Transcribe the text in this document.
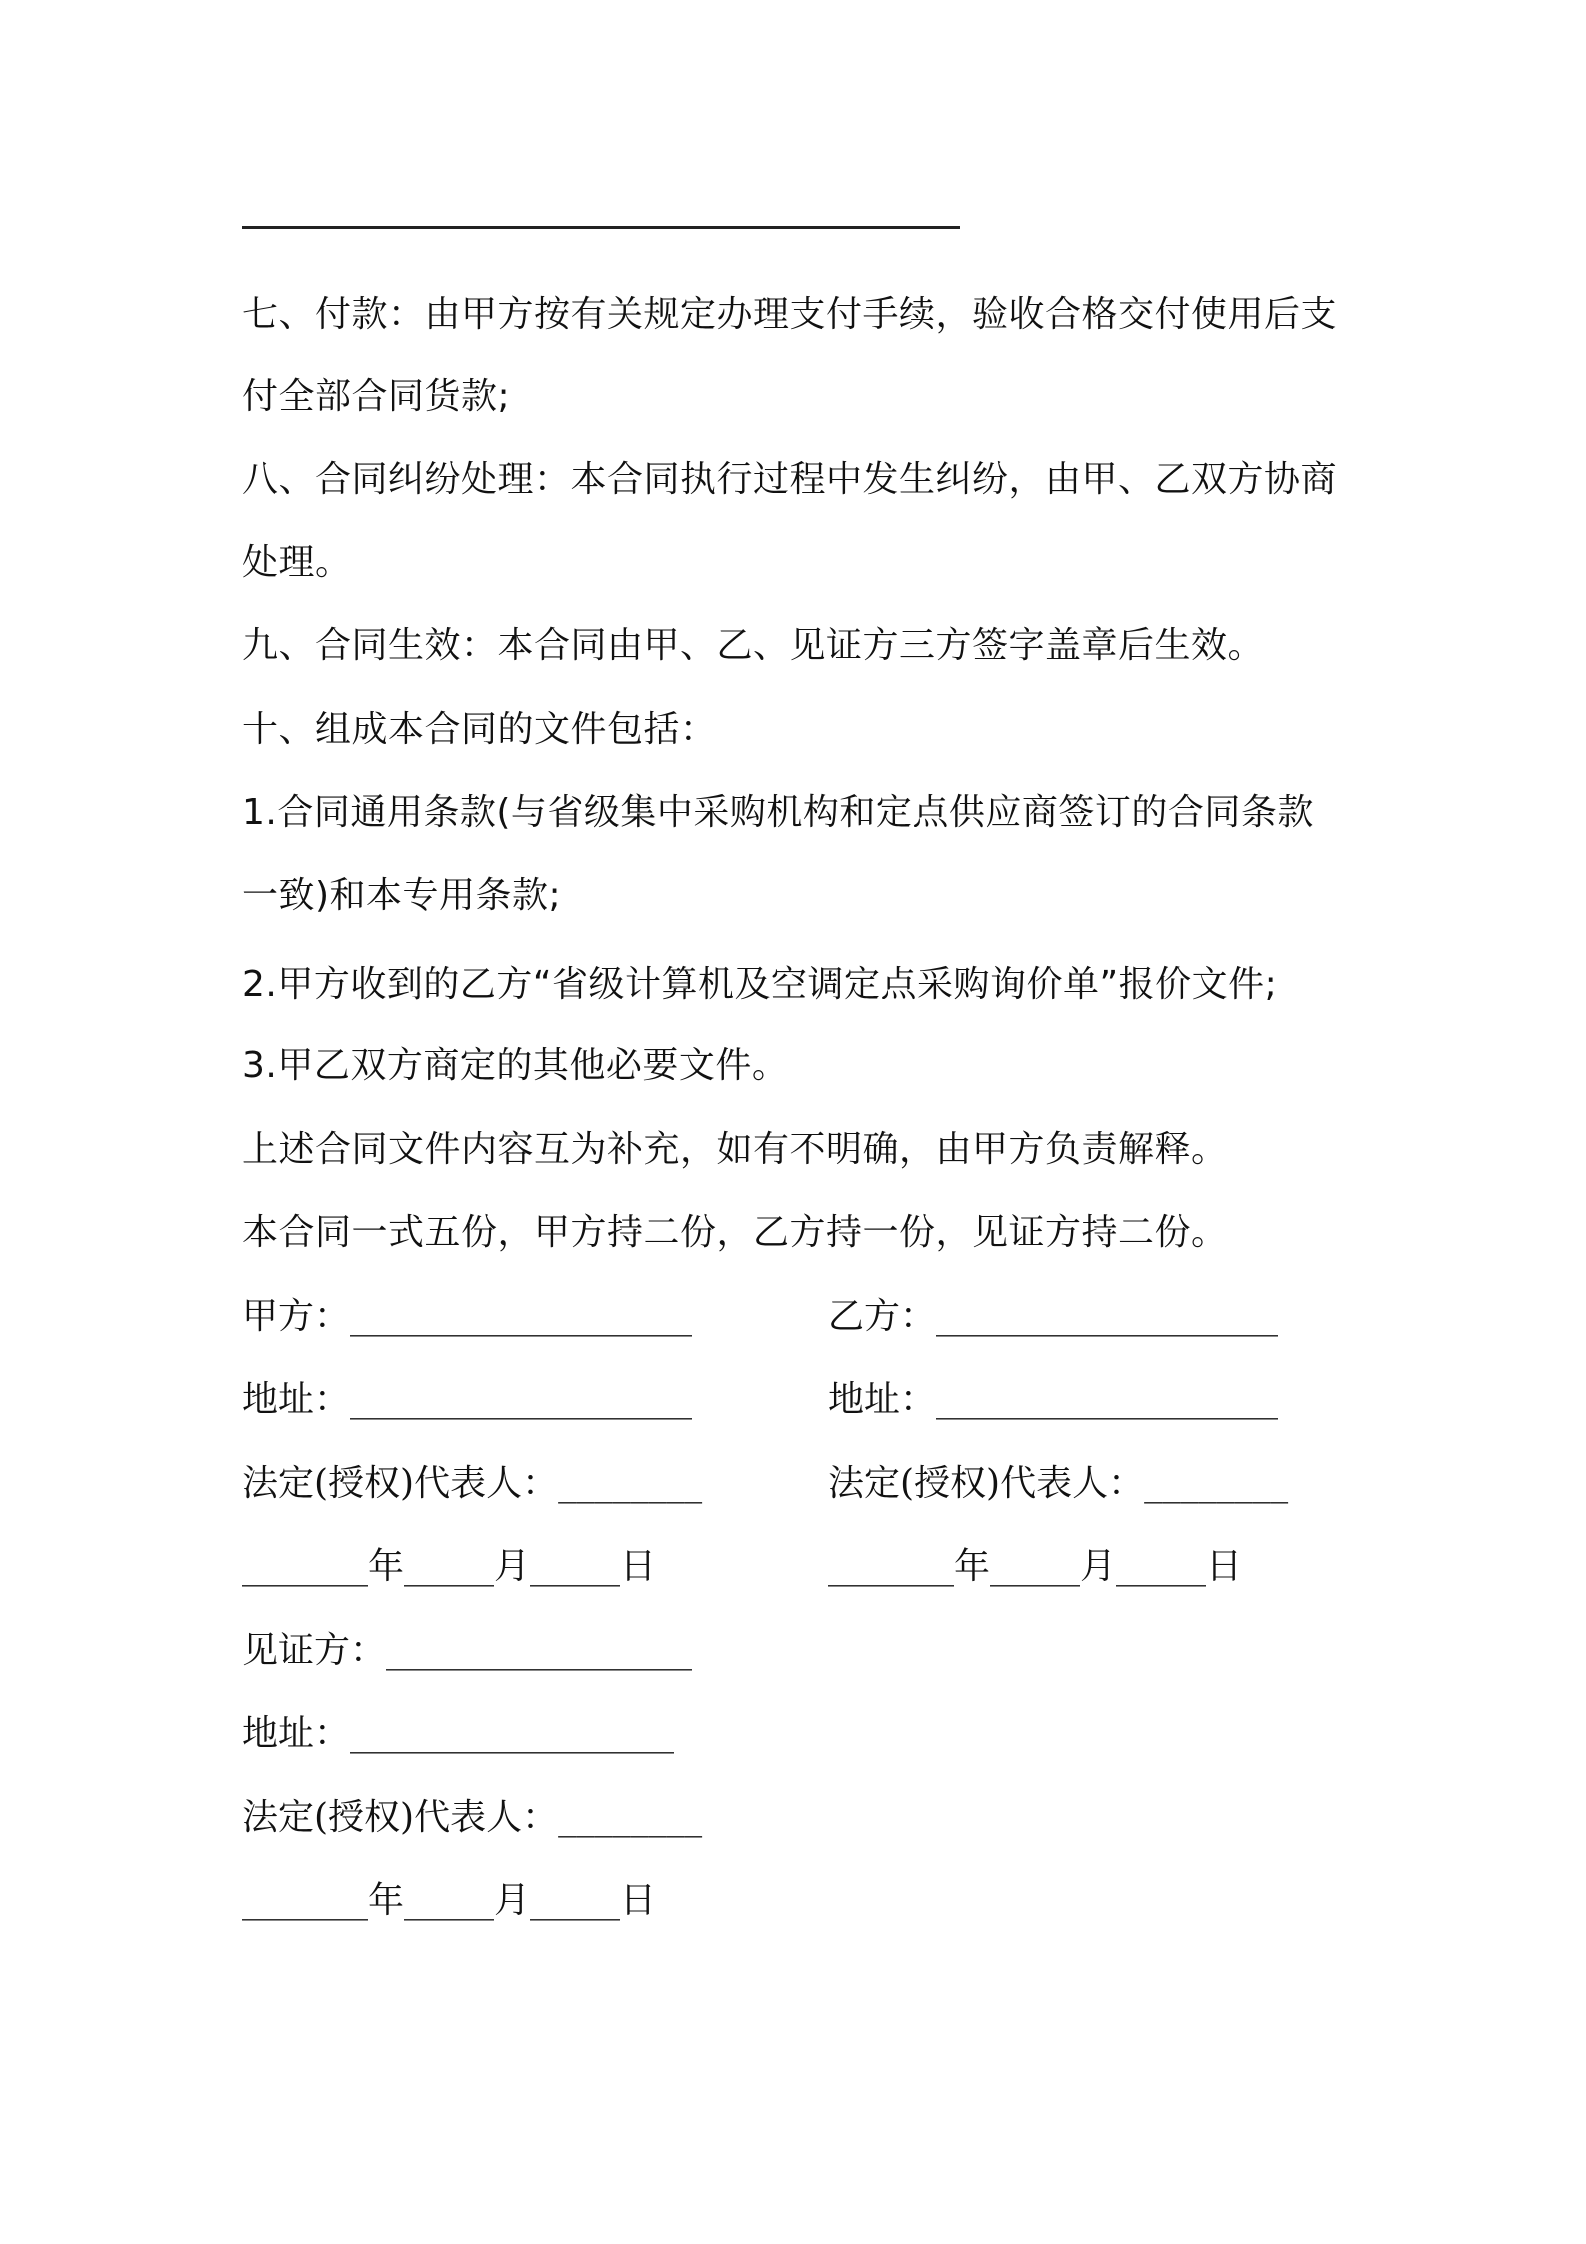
七、付款：由甲方按有关规定办理支付手续，验收合格交付使用后支
付全部合同货款;
八、合同纠纷处理：本合同执行过程中发生纠纷，由甲、乙双方协商
处理。
九、合同生效：本合同由甲、乙、见证方三方签字盖章后生效。
十、组成本合同的文件包括：
1.合同通用条款(与省级集中采购机构和定点供应商签订的合同条款
一致)和本专用条款;
2.甲方收到的乙方“省级计算机及空调定点采购询价单”报价文件;
3.甲乙双方商定的其他必要文件。
上述合同文件内容互为补充，如有不明确，由甲方负责解释。
本合同一式五份，甲方持二份，乙方持一份，见证方持二份。
甲方：___________________	乙方：___________________
地址：___________________	地址：___________________
法定(授权)代表人：________	法定(授权)代表人：________
_______年_____月_____日	_______年_____月_____日
见证方：_________________
地址：__________________
法定(授权)代表人：________
_______年_____月_____日
